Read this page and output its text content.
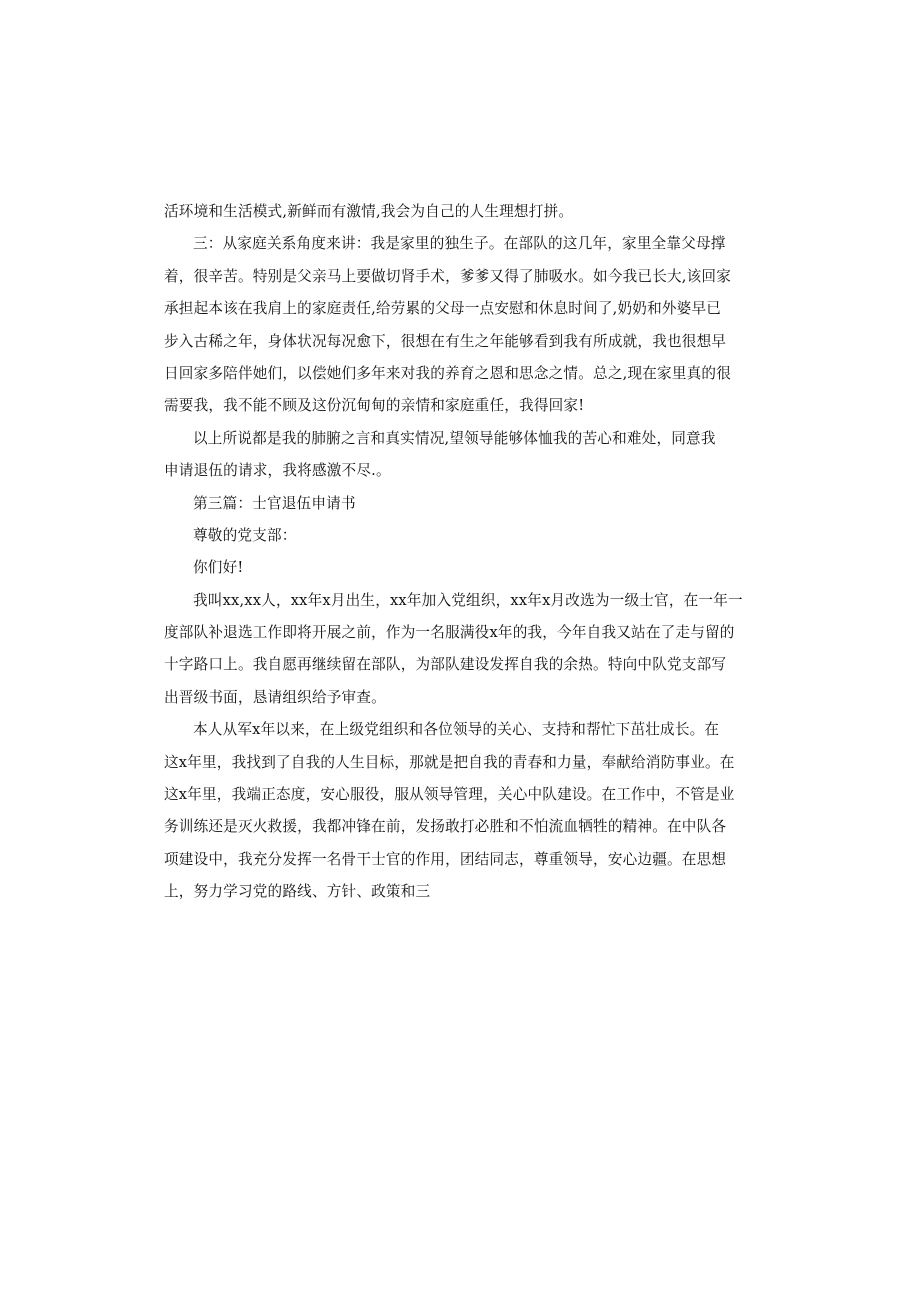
活环境和生活模式,新鲜而有激情,我会为自己的人生理想打拼。
三：从家庭关系角度来讲：我是家里的独生子。在部队的这几年，家里全靠父母撑
着，很辛苦。特别是父亲马上要做切肾手术，爹爹又得了肺吸水。如今我已长大,该回家
承担起本该在我肩上的家庭责任,给劳累的父母一点安慰和休息时间了,奶奶和外婆早已
步入古稀之年，身体状况每况愈下，很想在有生之年能够看到我有所成就，我也很想早
日回家多陪伴她们，以偿她们多年来对我的养育之恩和思念之情。总之,现在家里真的很
需要我，我不能不顾及这份沉甸甸的亲情和家庭重任，我得回家!
以上所说都是我的肺腑之言和真实情况,望领导能够体恤我的苦心和难处，同意我
申请退伍的请求，我将感激不尽.。
第三篇：士官退伍申请书
尊敬的党支部：
你们好!
我叫xx,xx人，xx年x月出生，xx年加入党组织，xx年x月改选为一级士官，在一年一
度部队补退选工作即将开展之前，作为一名服满役x年的我，今年自我又站在了走与留的
十字路口上。我自愿再继续留在部队，为部队建设发挥自我的余热。特向中队党支部写
出晋级书面，恳请组织给予审查。
本人从军x年以来，在上级党组织和各位领导的关心、支持和帮忙下茁壮成长。在
这x年里，我找到了自我的人生目标，那就是把自我的青春和力量，奉献给消防事业。在
这x年里，我端正态度，安心服役，服从领导管理，关心中队建设。在工作中，不管是业
务训练还是灭火救援，我都冲锋在前，发扬敢打必胜和不怕流血牺牲的精神。在中队各
项建设中，我充分发挥一名骨干士官的作用，团结同志，尊重领导，安心边疆。在思想
上，努力学习党的路线、方针、政策和三
